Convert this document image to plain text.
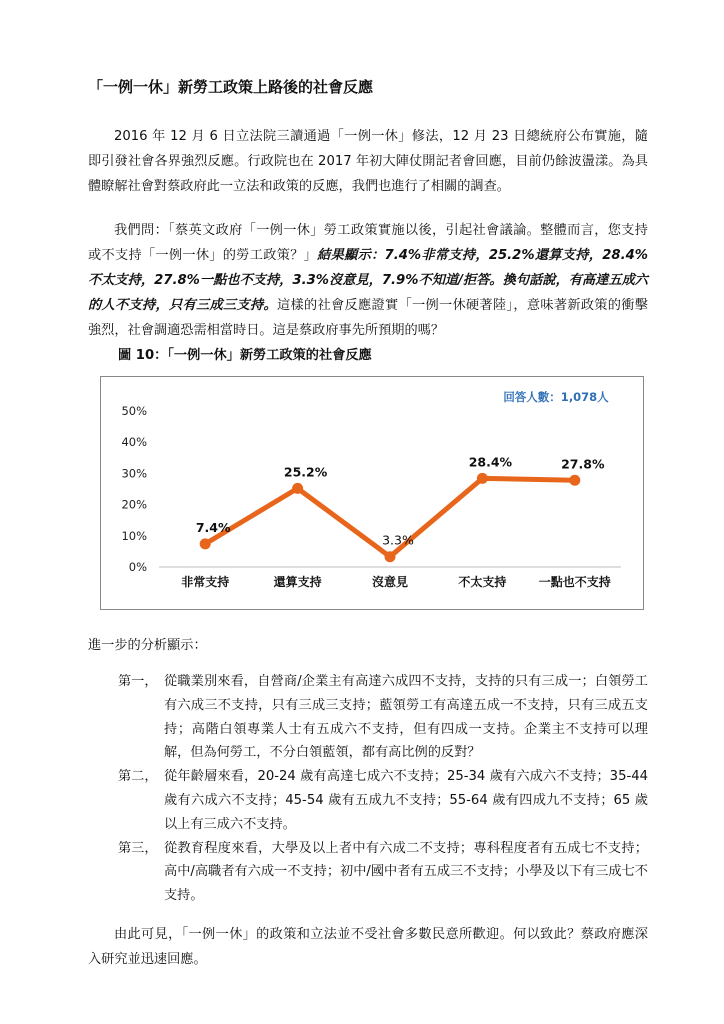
「一例一休」新勞工政策上路後的社會反應

2016 年 12 月 6 日立法院三讀通過「一例一休」修法，12 月 23 日總統府公布實施，隨即引發社會各界強烈反應。行政院也在 2017 年初大陣仗開記者會回應，目前仍餘波盪漾。為具體瞭解社會對蔡政府此一立法和政策的反應，我們也進行了相關的調查。

我們問：「蔡英文政府「一例一休」勞工政策實施以後，引起社會議論。整體而言，您支持或不支持「一例一休」的勞工政策？」結果顯示：7.4%非常支持，25.2%還算支持，28.4%不太支持，27.8%一點也不支持，3.3%沒意見，7.9%不知道/拒答。換句話說，有高達五成六的人不支持，只有三成三支持。這樣的社會反應證實「一例一休硬著陸」，意味著新政策的衝擊強烈，社會調適恐需相當時日。這是蔡政府事先所預期的嗎？

圖 10：「一例一休」新勞工政策的社會反應
0%
10%
20%
30%
40%
50%
非常支持	還算支持	沒意見	不太支持	一點也不支持
7.4%
25.2%
3.3%
28.4%	27.8%
回答人數：1,078人
進一步的分析顯示：
第一， 從職業別來看，自營商/企業主有高達六成四不支持，支持的只有三成一；白領勞工有六成三不支持，只有三成三支持；藍領勞工有高達五成一不支持，只有三成五支持；高階白領專業人士有五成六不支持，但有四成一支持。企業主不支持可以理解，但為何勞工，不分白領藍領，都有高比例的反對？
第二， 從年齡層來看，20-24 歲有高達七成六不支持；25-34 歲有六成六不支持；35-44 歲有六成六不支持；45-54 歲有五成九不支持；55-64 歲有四成九不支持；65 歲以上有三成六不支持。
第三， 從教育程度來看，大學及以上者中有六成二不支持；專科程度者有五成七不支持；高中/高職者有六成一不支持；初中/國中者有五成三不支持；小學及以下有三成七不支持。

由此可見，「一例一休」的政策和立法並不受社會多數民意所歡迎。何以致此？蔡政府應深入研究並迅速回應。
